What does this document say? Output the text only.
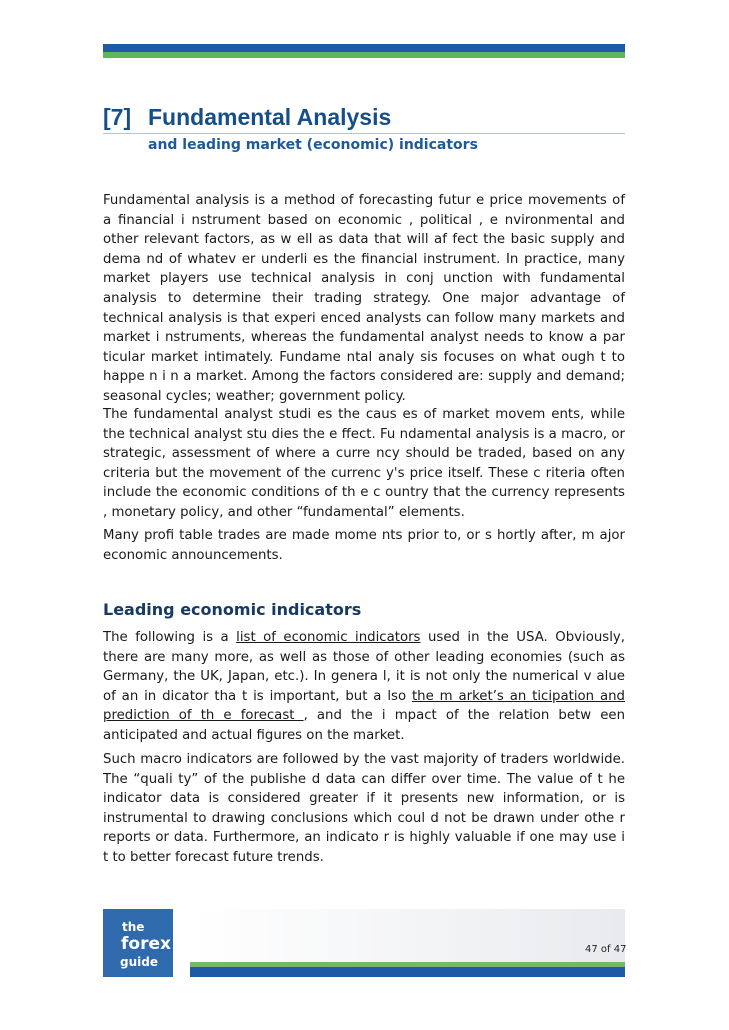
[7] Fundamental Analysis
and leading market (economic) indicators

Fundamental analysis is a method of forecasting futur e price movements of a financial i nstrument based on economic , political , e nvironmental and other relevant factors, as w ell as data that will af fect the basic supply and dema nd of whatev er underli es the financial instrument. In practice, many market players use technical analysis in conj unction with fundamental analysis to determine their trading strategy. One major advantage of technical analysis is that experi enced analysts can follow many markets and market i nstruments, whereas the fundamental analyst needs to know a par ticular market intimately. Fundame ntal analy sis focuses on what ough t to happe n i n a market. Among the factors considered are: supply and demand; seasonal cycles; weather; government policy.

The fundamental analyst studi es the caus es of market movem ents, while the technical analyst stu dies the e ffect. Fu ndamental analysis is a macro, or strategic, assessment of where a curre ncy should be traded, based on any criteria but the movement of the currenc y's price itself. These c riteria often include the economic conditions of th e c ountry that the currency represents , monetary policy, and other “fundamental” elements.

Many profi table trades are made mome nts prior to, or s hortly after, m ajor economic announcements.

Leading economic indicators

The following is a list of economic indicators used in the USA. Obviously, there are many more, as well as those of other leading economies (such as Germany, the UK, Japan, etc.). In genera l, it is not only the numerical v alue of an in dicator tha t is important, but a lso the m arket’s an ticipation and prediction of th e forecast , and the i mpact of the relation betw een anticipated and actual figures on the market.

Such macro indicators are followed by the vast majority of traders worldwide. The “quali ty” of the publishe d data can differ over time. The value of t he indicator data is considered greater if it presents new information, or is instrumental to drawing conclusions which coul d not be drawn under othe r reports or data. Furthermore, an indicato r is highly valuable if one may use i t to better forecast future trends.

the
forex
guide
47 of 47
